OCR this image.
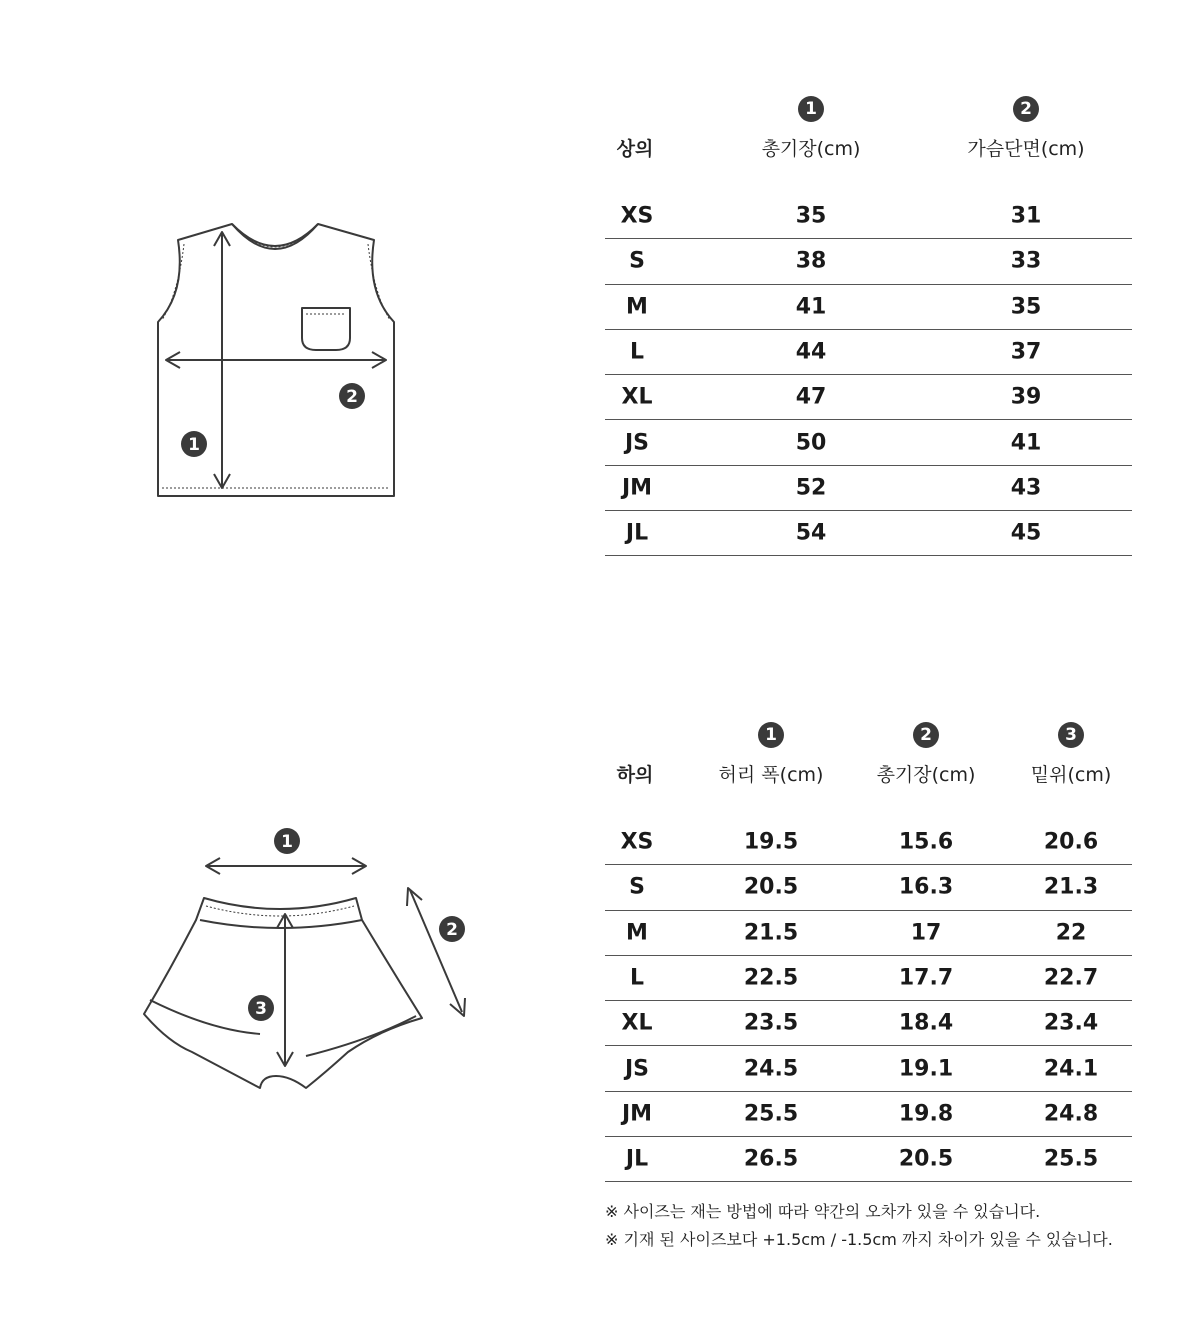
1
2
1	2
상의	총기장(cm)	가슴단면(cm)
XS	35	31
S	38	33
M	41	35
L	44	37
XL	47	39
JS	50	41
JM	52	43
JL	54	45
1
2
3
1	2	3
하의	허리 폭(cm)	총기장(cm)	밑위(cm)
XS	19.5	15.6	20.6
S	20.5	16.3	21.3
M	21.5	17	22
L	22.5	17.7	22.7
XL	23.5	18.4	23.4
JS	24.5	19.1	24.1
JM	25.5	19.8	24.8
JL	26.5	20.5	25.5
※ 사이즈는 재는 방법에 따라 약간의 오차가 있을 수 있습니다.
※ 기재 된 사이즈보다 +1.5cm / -1.5cm 까지 차이가 있을 수 있습니다.
